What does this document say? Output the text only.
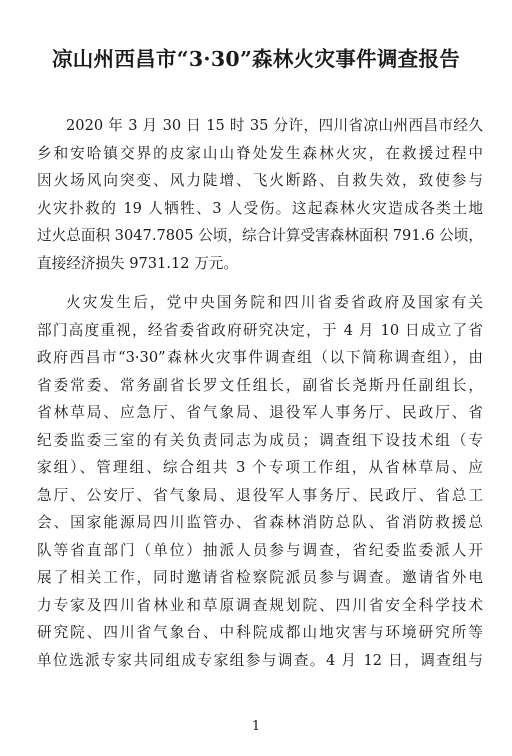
凉山州西昌市“3·30”森林火灾事件调查报告
2020 年 3 月 30 日 15 时 35 分许，四川省凉山州西昌市经久
乡和安哈镇交界的皮家山山脊处发生森林火灾，在救援过程中
因火场风向突变、风力陡增、飞火断路、自救失效，致使参与
火灾扑救的 19 人牺牲、3 人受伤。这起森林火灾造成各类土地
过火总面积 3047.7805 公顷，综合计算受害森林面积 791.6 公顷，
直接经济损失 9731.12 万元。
火灾发生后，党中央国务院和四川省委省政府及国家有关
部门高度重视，经省委省政府研究决定，于 4 月 10 日成立了省
政府西昌市“3·30”森林火灾事件调查组（以下简称调查组），由
省委常委、常务副省长罗文任组长，副省长尧斯丹任副组长，
省林草局、应急厅、省气象局、退役军人事务厅、民政厅、省
纪委监委三室的有关负责同志为成员；调查组下设技术组（专
家组）、管理组、综合组共 3 个专项工作组，从省林草局、应
急厅、公安厅、省气象局、退役军人事务厅、民政厅、省总工
会、国家能源局四川监管办、省森林消防总队、省消防救援总
队等省直部门（单位）抽派人员参与调查，省纪委监委派人开
展了相关工作，同时邀请省检察院派员参与调查。邀请省外电
力专家及四川省林业和草原调查规划院、四川省安全科学技术
研究院、四川省气象台、中科院成都山地灾害与环境研究所等
单位选派专家共同组成专家组参与调查。4 月 12 日，调查组与
1
